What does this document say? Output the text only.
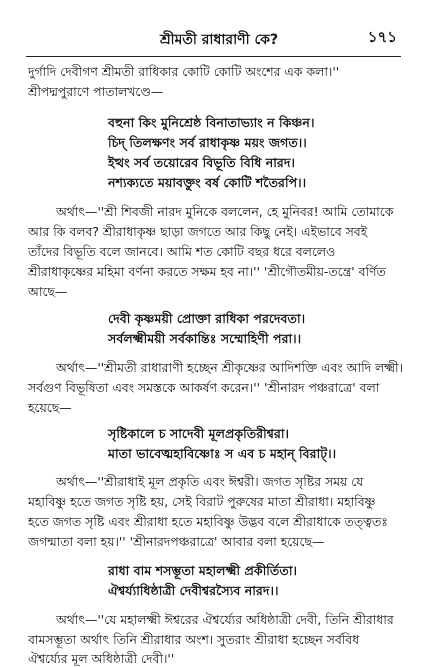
শ্রীমতী রাধারাণী কে?	১৭১
দুর্গাদি দেবীগণ শ্রীমতী রাধিকার কোটি কোটি অংশের এক কলা।''
শ্রীপদ্মপুরাণে পাতালখণ্ডে—
বহুনা কিং মুনিশ্রেষ্ঠ বিনাতাভ্যাং ন কিঞ্চন।
চিদ্ তিলক্ষণং সর্ব রাধাকৃষ্ণ ময়ং জগত।।
ইত্থং সর্ব তয়োরেব বিভূতি বিধি নারদ।
নশ্যক্যতে ময়াবক্তুং বর্ষ কোটি শতৈরপি।।
অর্থাৎ—''শ্রী শিবজী নারদ মুনিকে বললেন, হে মুনিবর! আমি তোমাকে
আর কি বলব? শ্রীরাধাকৃষ্ণ ছাড়া জগতে আর কিছু নেই। এইভাবে সবই
তাঁদের বিভূতি বলে জানবে। আমি শত কোটি বছর ধরে বললেও
শ্রীরাধাকৃষ্ণের মহিমা বর্ণনা করতে সক্ষম হব না।'' 'শ্রীগৌতমীয়-তন্ত্রে' বর্ণিত
আছে—
দেবী কৃষ্ণময়ী প্রোক্তা রাধিকা পরদেবতা।
সর্বলক্ষ্মীময়ী সর্বকান্তিঃ সম্মোহিণী পরা।।
অর্থাৎ—''শ্রীমতী রাধারাণী হচ্ছেন শ্রীকৃষ্ণের আদিশক্তি এবং আদি লক্ষ্মী।
সর্বগুণ বিভূষিতা এবং সমস্তকে আকর্ষণ করেন।'' 'শ্রীনারদ পঞ্চরাত্রে' বলা
হয়েছে—
সৃষ্টিকালে চ সাদেবী মূলপ্রকৃতিরীশ্বরা।
মাতা ভাবেত্মহাবিষ্ণোঃ স এব চ মহান্ বিরাট্।।
অর্থাৎ—''শ্রীরাধাই মূল প্রকৃতি এবং ঈশ্বরী। জগত সৃষ্টির সময় যে
মহাবিষ্ণু হতে জগত সৃষ্টি হয়, সেই বিরাট পুরুষের মাতা শ্রীরাধা। মহাবিষ্ণু
হতে জগত সৃষ্টি এবং শ্রীরাধা হতে মহাবিষ্ণু উদ্ভব বলে শ্রীরাধাকে তত্ত্বতঃ
জগন্মাতা বলা হয়।'' 'শ্রীনারদপঞ্চরাত্রে' আবার বলা হয়েছে—
রাধা বাম শসম্ভূতা মহালক্ষ্মী প্রকীর্তিতা।
ঐশ্বর্য্যাধিষ্ঠাত্রী দেবীশ্বরস্যৈব নারদ।।
অর্থাৎ—''যে মহালক্ষ্মী ঈশ্বরের ঐশ্বর্য্যের অধিষ্ঠাত্রী দেবী, তিনি শ্রীরাধার
বামসম্ভূতা অর্থাৎ তিনি শ্রীরাধার অংশ। সুতরাং শ্রীরাধা হচ্ছেন সর্ববিধ
ঐশ্বর্য্যের মূল অধিষ্ঠাত্রী দেবী।''
